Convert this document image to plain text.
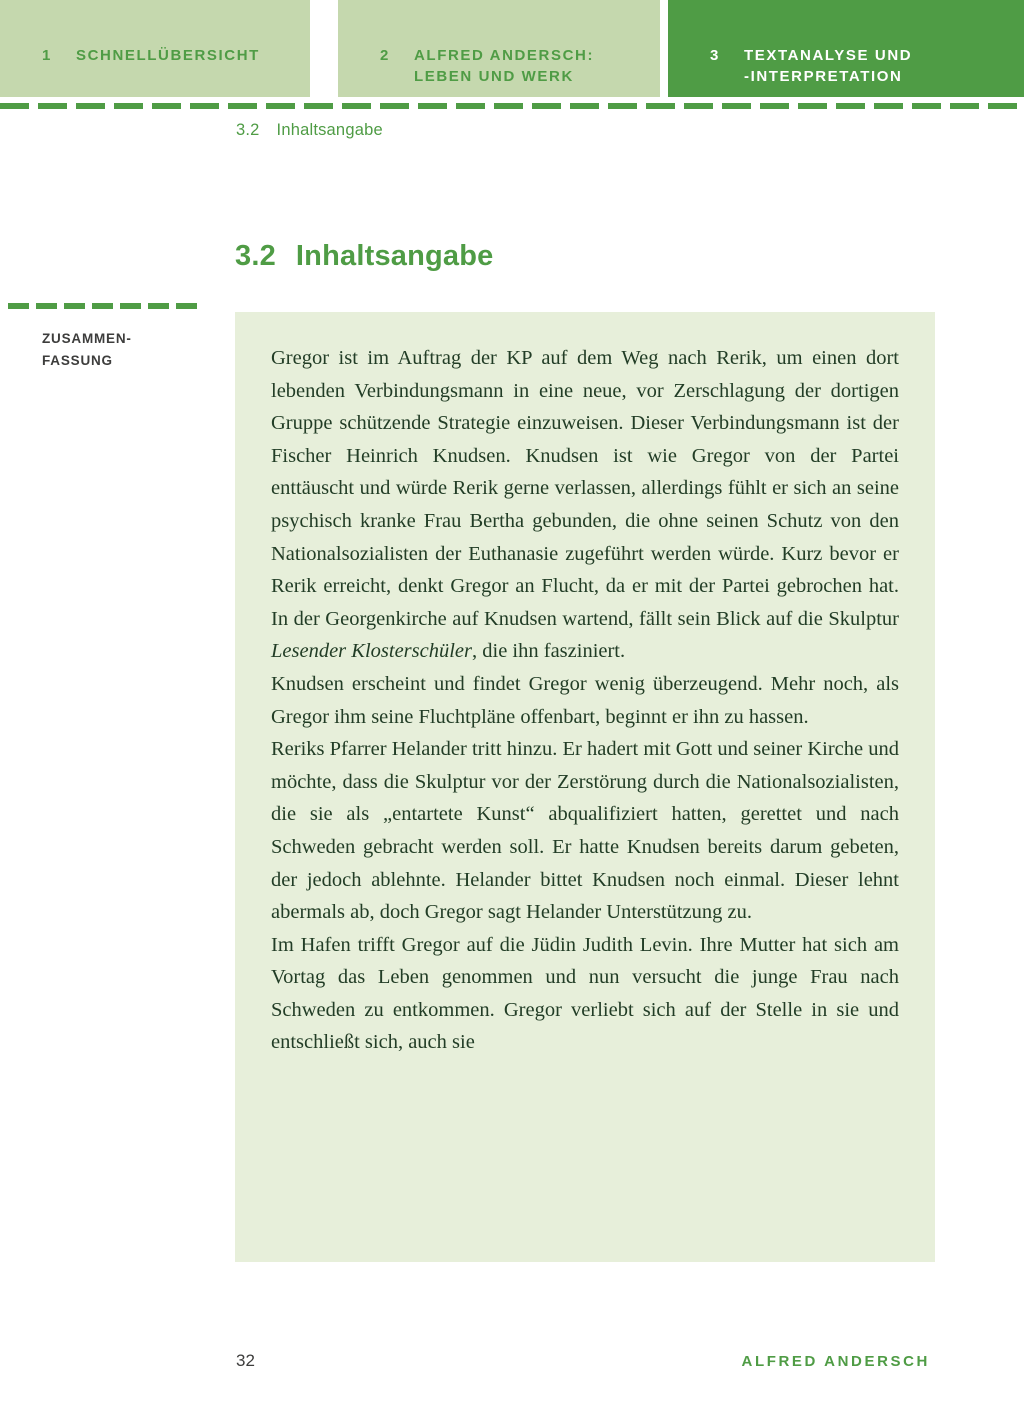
1	SCHNELLÜBERSICHT	2	ALFRED ANDERSCH:
LEBEN UND WERK
3	TEXTANALYSE UND
-INTERPRETATION
3.2 Inhaltsangabe
3.2 Inhaltsangabe
ZUSAMMEN-
FASSUNG	Gregor ist im Auftrag der KP auf dem Weg nach Rerik, um einen dort lebenden Verbindungsmann in eine neue, vor Zerschlagung der dortigen Gruppe schützende Strategie einzuweisen. Dieser Verbindungsmann ist der Fischer Heinrich Knudsen. Knudsen ist wie Gregor von der Partei enttäuscht und würde Rerik gerne verlassen, allerdings fühlt er sich an seine psychisch kranke Frau Bertha gebunden, die ohne seinen Schutz von den Nationalsozialisten der Euthanasie zugeführt werden würde. Kurz bevor er Rerik erreicht, denkt Gregor an Flucht, da er mit der Partei gebrochen hat. In der Georgenkirche auf Knudsen wartend, fällt sein Blick auf die Skulptur Lesender Klosterschüler, die ihn fasziniert.

Knudsen erscheint und findet Gregor wenig überzeugend. Mehr noch, als Gregor ihm seine Fluchtpläne offenbart, beginnt er ihn zu hassen.

Reriks Pfarrer Helander tritt hinzu. Er hadert mit Gott und seiner Kirche und möchte, dass die Skulptur vor der Zerstörung durch die Nationalsozialisten, die sie als „entartete Kunst“ abqualifiziert hatten, gerettet und nach Schweden gebracht werden soll. Er hatte Knudsen bereits darum gebeten, der jedoch ablehnte. Helander bittet Knudsen noch einmal. Dieser lehnt abermals ab, doch Gregor sagt Helander Unterstützung zu.

Im Hafen trifft Gregor auf die Jüdin Judith Levin. Ihre Mutter hat sich am Vortag das Leben genommen und nun versucht die junge Frau nach Schweden zu entkommen. Gregor verliebt sich auf der Stelle in sie und entschließt sich, auch sie

32	ALFRED ANDERSCH
